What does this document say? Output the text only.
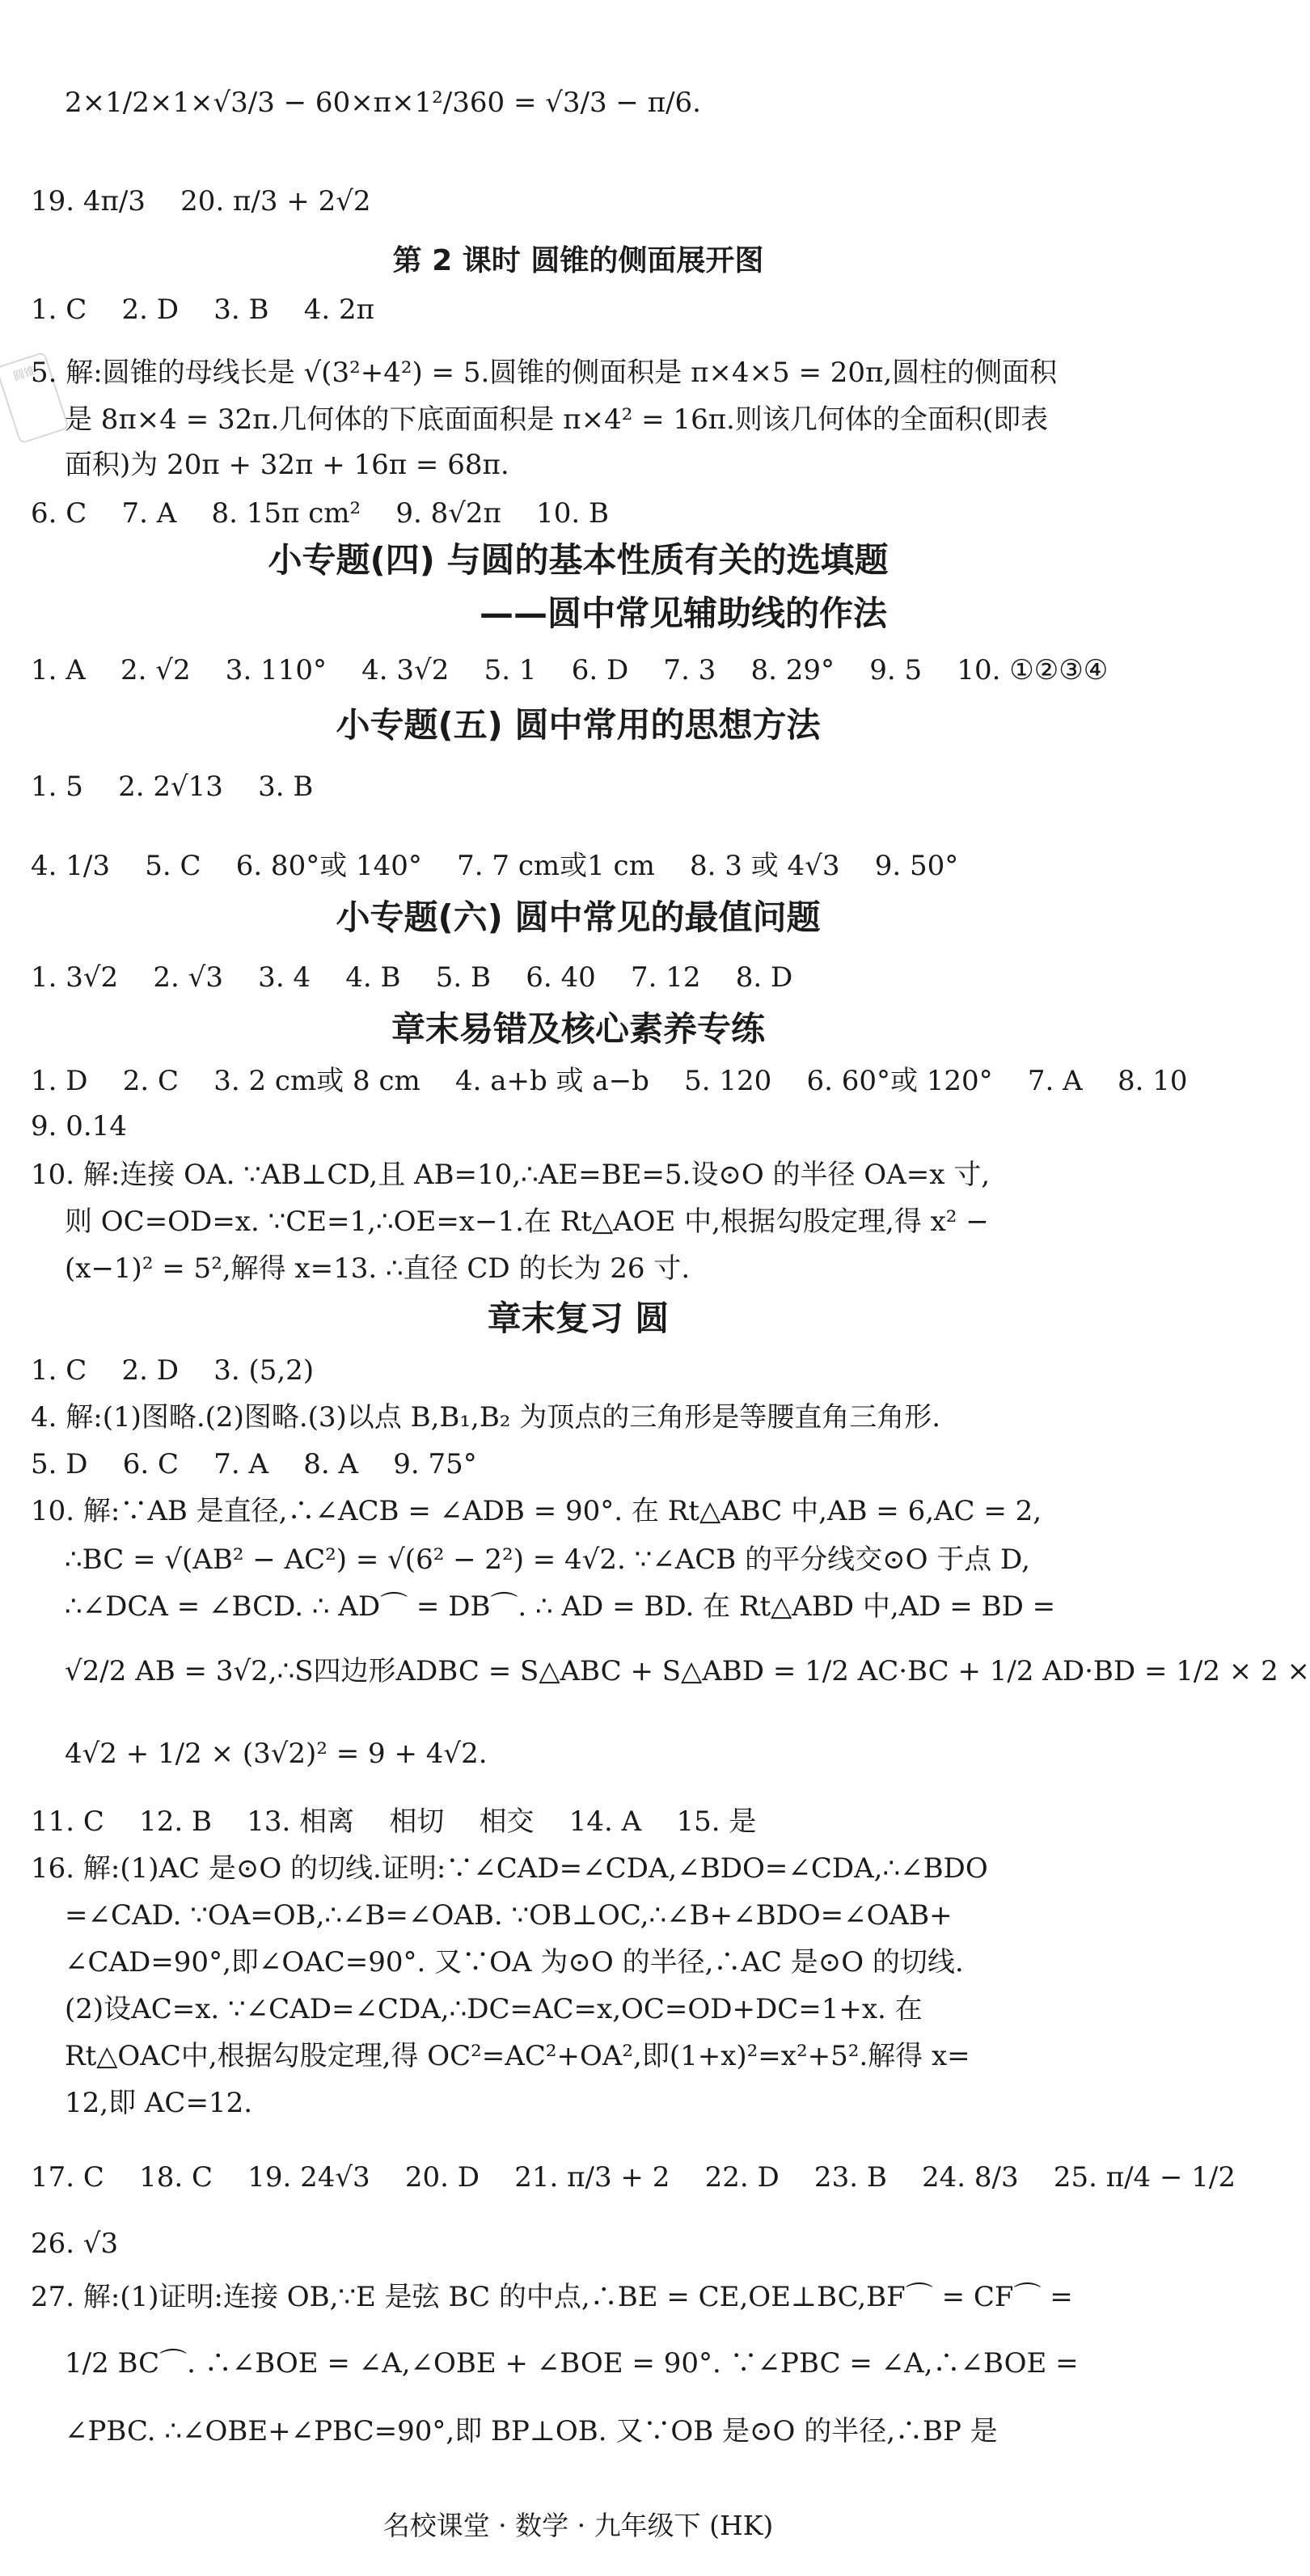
圆锥
2×1/2×1×√3/3 − 60×π×1²/360 = √3/3 − π/6.
19. 4π/3    20. π/3 + 2√2
第 2 课时 圆锥的侧面展开图
1. C    2. D    3. B    4. 2π
5. 解:圆锥的母线长是 √(3²+4²) = 5.圆锥的侧面积是 π×4×5 = 20π,圆柱的侧面积
是 8π×4 = 32π.几何体的下底面面积是 π×4² = 16π.则该几何体的全面积(即表
面积)为 20π + 32π + 16π = 68π.
6. C    7. A    8. 15π cm²    9. 8√2π    10. B
小专题(四) 与圆的基本性质有关的选填题
——圆中常见辅助线的作法
1. A    2. √2    3. 110°    4. 3√2    5. 1    6. D    7. 3    8. 29°    9. 5    10. ①②③④
小专题(五) 圆中常用的思想方法
1. 5    2. 2√13    3. B
4. 1/3    5. C    6. 80°或 140°    7. 7 cm或1 cm    8. 3 或 4√3    9. 50°
小专题(六) 圆中常见的最值问题
1. 3√2    2. √3    3. 4    4. B    5. B    6. 40    7. 12    8. D
章末易错及核心素养专练
1. D    2. C    3. 2 cm或 8 cm    4. a+b 或 a−b    5. 120    6. 60°或 120°    7. A    8. 10
9. 0.14
10. 解:连接 OA. ∵AB⊥CD,且 AB=10,∴AE=BE=5.设⊙O 的半径 OA=x 寸,
则 OC=OD=x. ∵CE=1,∴OE=x−1.在 Rt△AOE 中,根据勾股定理,得 x² −
(x−1)² = 5²,解得 x=13. ∴直径 CD 的长为 26 寸.
章末复习 圆
1. C    2. D    3. (5,2)
4. 解:(1)图略.(2)图略.(3)以点 B,B₁,B₂ 为顶点的三角形是等腰直角三角形.
5. D    6. C    7. A    8. A    9. 75°
10. 解:∵AB 是直径,∴∠ACB = ∠ADB = 90°. 在 Rt△ABC 中,AB = 6,AC = 2,
∴BC = √(AB² − AC²) = √(6² − 2²) = 4√2. ∵∠ACB 的平分线交⊙O 于点 D,
∴∠DCA = ∠BCD. ∴ AD⌒ = DB⌒. ∴ AD = BD. 在 Rt△ABD 中,AD = BD =
√2/2 AB = 3√2,∴S四边形ADBC = S△ABC + S△ABD = 1/2 AC·BC + 1/2 AD·BD = 1/2 × 2 ×
4√2 + 1/2 × (3√2)² = 9 + 4√2.
11. C    12. B    13. 相离    相切    相交    14. A    15. 是
16. 解:(1)AC 是⊙O 的切线.证明:∵∠CAD=∠CDA,∠BDO=∠CDA,∴∠BDO
=∠CAD. ∵OA=OB,∴∠B=∠OAB. ∵OB⊥OC,∴∠B+∠BDO=∠OAB+
∠CAD=90°,即∠OAC=90°. 又∵OA 为⊙O 的半径,∴AC 是⊙O 的切线.
(2)设AC=x. ∵∠CAD=∠CDA,∴DC=AC=x,OC=OD+DC=1+x. 在
Rt△OAC中,根据勾股定理,得 OC²=AC²+OA²,即(1+x)²=x²+5².解得 x=
12,即 AC=12.
17. C    18. C    19. 24√3    20. D    21. π/3 + 2    22. D    23. B    24. 8/3    25. π/4 − 1/2
26. √3
27. 解:(1)证明:连接 OB,∵E 是弦 BC 的中点,∴BE = CE,OE⊥BC,BF⌒ = CF⌒ =
1/2 BC⌒. ∴∠BOE = ∠A,∠OBE + ∠BOE = 90°. ∵∠PBC = ∠A,∴∠BOE =
∠PBC. ∴∠OBE+∠PBC=90°,即 BP⊥OB. 又∵OB 是⊙O 的半径,∴BP 是
名校课堂 · 数学 · 九年级下 (HK)
